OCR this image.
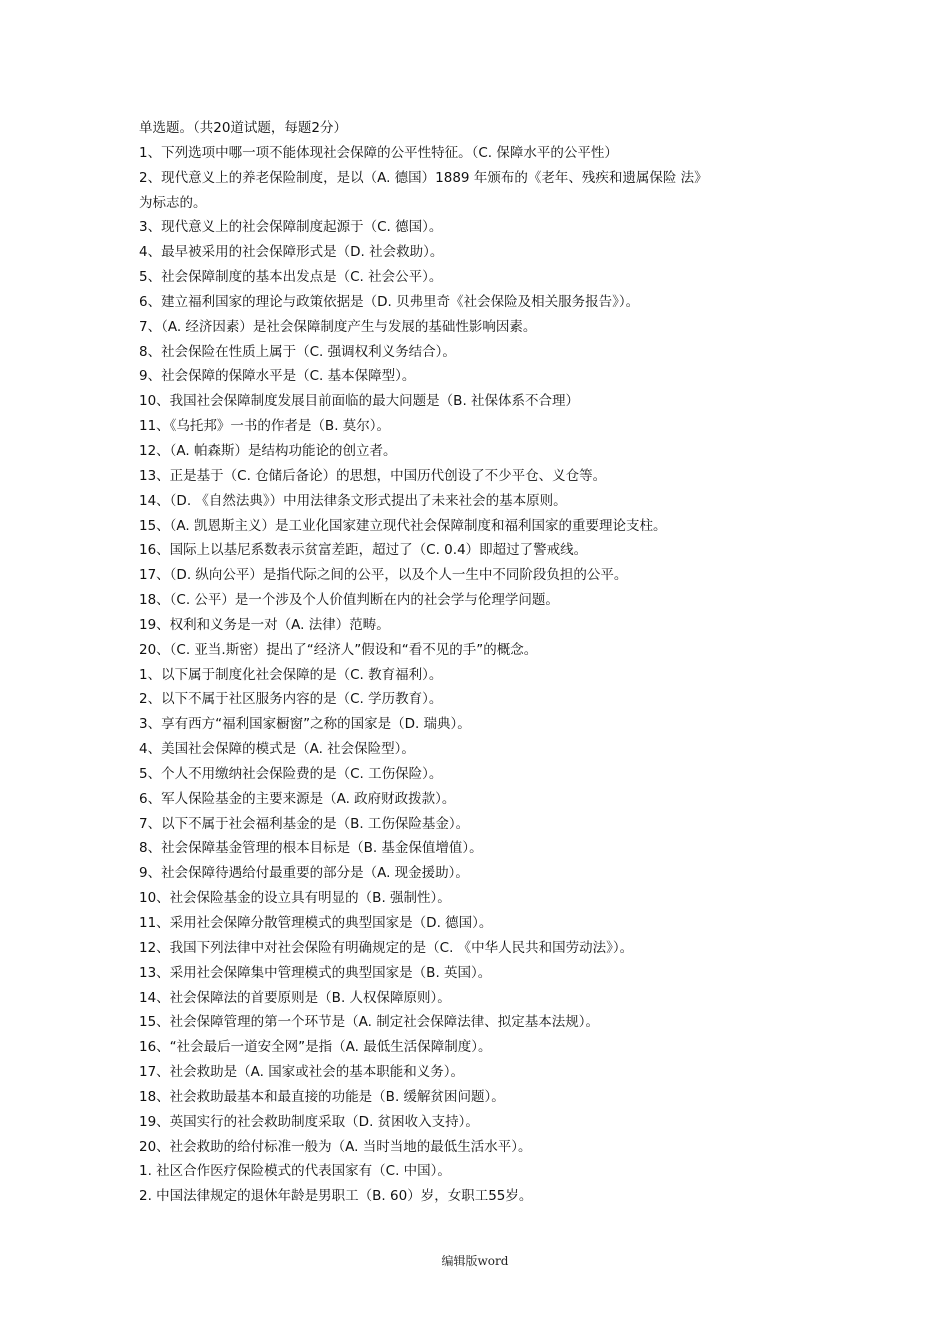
单选题。（共20道试题，每题2分）
1、下列选项中哪一项不能体现社会保障的公平性特征。（C. 保障水平的公平性）
2、现代意义上的养老保险制度，是以（A. 德国）1889 年颁布的《老年、残疾和遗属保险 法》
为标志的。
3、现代意义上的社会保障制度起源于（C. 德国）。
4、最早被采用的社会保障形式是（D. 社会救助）。
5、社会保障制度的基本出发点是（C. 社会公平）。
6、建立福利国家的理论与政策依据是（D. 贝弗里奇《社会保险及相关服务报告》）。
7、（A. 经济因素）是社会保障制度产生与发展的基础性影响因素。
8、社会保险在性质上属于（C. 强调权利义务结合）。
9、社会保障的保障水平是（C. 基本保障型）。
10、我国社会保障制度发展目前面临的最大问题是（B. 社保体系不合理）
11、《乌托邦》一书的作者是（B. 莫尔）。
12、（A. 帕森斯）是结构功能论的创立者。
13、正是基于（C. 仓储后备论）的思想，中国历代创设了不少平仓、义仓等。
14、（D. 《自然法典》）中用法律条文形式提出了未来社会的基本原则。
15、（A. 凯恩斯主义）是工业化国家建立现代社会保障制度和福利国家的重要理论支柱。
16、国际上以基尼系数表示贫富差距，超过了（C. 0.4）即超过了警戒线。
17、（D. 纵向公平）是指代际之间的公平，以及个人一生中不同阶段负担的公平。
18、（C. 公平）是一个涉及个人价值判断在内的社会学与伦理学问题。
19、权利和义务是一对（A. 法律）范畴。
20、（C. 亚当.斯密）提出了“经济人”假设和“看不见的手”的概念。
1、以下属于制度化社会保障的是（C. 教育福利）。
2、以下不属于社区服务内容的是（C. 学历教育）。
3、享有西方“福利国家橱窗”之称的国家是（D. 瑞典）。
4、美国社会保障的模式是（A. 社会保险型）。
5、个人不用缴纳社会保险费的是（C. 工伤保险）。
6、军人保险基金的主要来源是（A. 政府财政拨款）。
7、以下不属于社会福利基金的是（B. 工伤保险基金）。
8、社会保障基金管理的根本目标是（B. 基金保值增值）。
9、社会保障待遇给付最重要的部分是（A. 现金援助）。
10、社会保险基金的设立具有明显的（B. 强制性）。
11、采用社会保障分散管理模式的典型国家是（D. 德国）。
12、我国下列法律中对社会保险有明确规定的是（C. 《中华人民共和国劳动法》）。
13、采用社会保障集中管理模式的典型国家是（B. 英国）。
14、社会保障法的首要原则是（B. 人权保障原则）。
15、社会保障管理的第一个环节是（A. 制定社会保障法律、拟定基本法规）。
16、“社会最后一道安全网”是指（A. 最低生活保障制度）。
17、社会救助是（A. 国家或社会的基本职能和义务）。
18、社会救助最基本和最直接的功能是（B. 缓解贫困问题）。
19、英国实行的社会救助制度采取（D. 贫困收入支持）。
20、社会救助的给付标准一般为（A. 当时当地的最低生活水平）。
1. 社区合作医疗保险模式的代表国家有（C. 中国）。
2. 中国法律规定的退休年龄是男职工（B. 60）岁，女职工55岁。
编辑版word
